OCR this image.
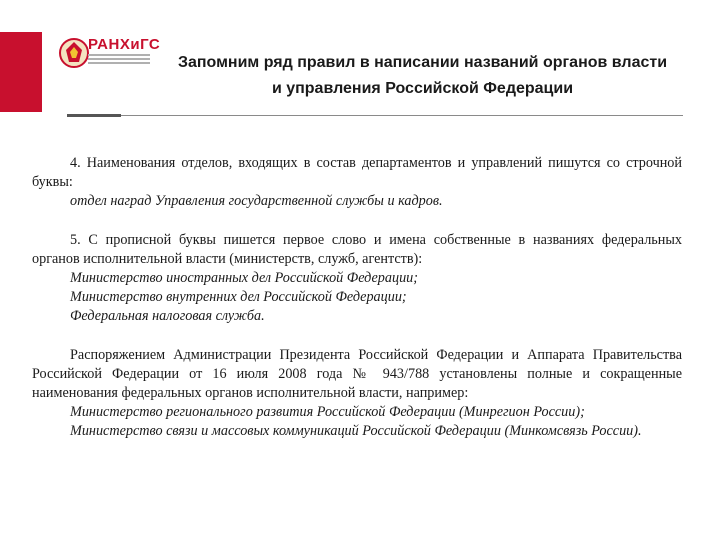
РАНХиГС
Запомним ряд правил в написании названий органов власти
и управления Российской Федерации

4. Наименования отделов, входящих в состав департаментов и управлений пишутся со строчной буквы:

отдел наград Управления государственной службы и кадров.

5. С прописной буквы пишется первое слово и имена собственные в названиях федеральных органов исполнительной власти (министерств, служб, агентств):

Министерство иностранных дел Российской Федерации;

Министерство внутренних дел Российской Федерации;

Федеральная налоговая служба.

Распоряжением Администрации Президента Российской Федерации и Аппарата Правительства Российской Федерации от 16 июля 2008 года № 943/788 установлены полные и сокращенные наименования федеральных органов исполнительной власти, например:

Министерство регионального развития Российской Федерации (Минрегион России);

Министерство связи и массовых коммуникаций Российской Федерации (Минкомсвязь России).
